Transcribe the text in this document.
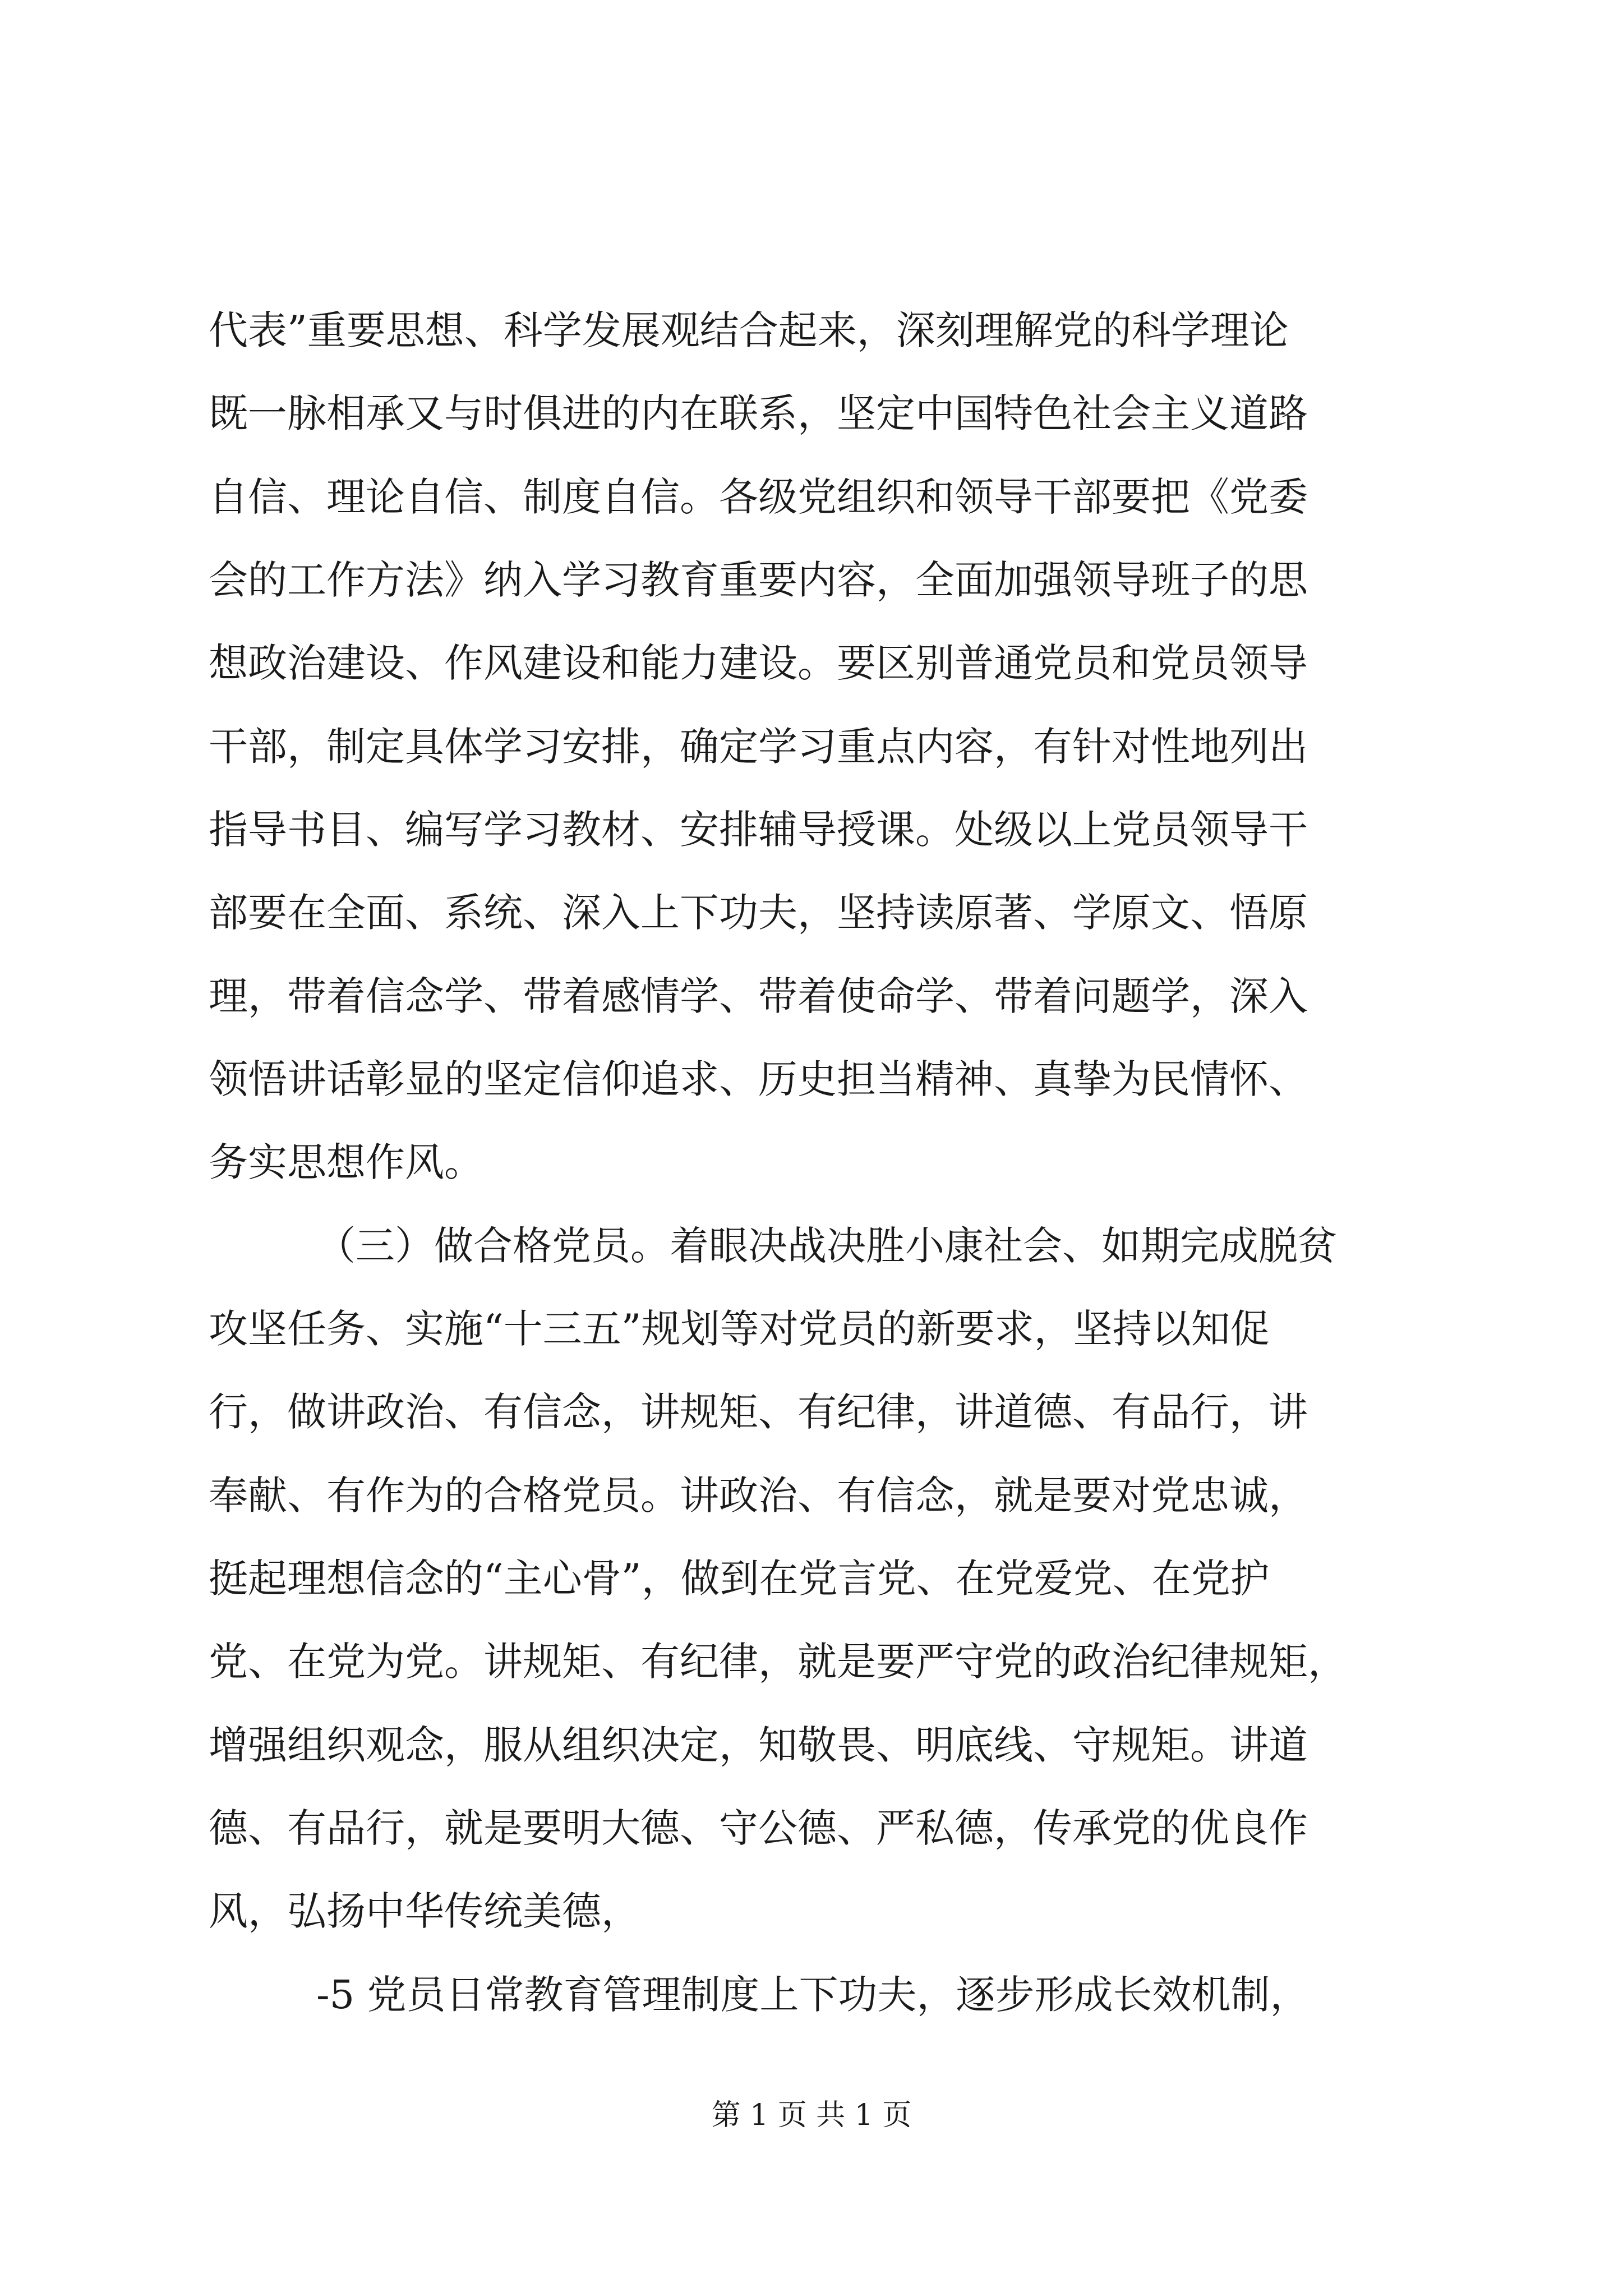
代表”重要思想、科学发展观结合起来，深刻理解党的科学理论
既一脉相承又与时俱进的内在联系，坚定中国特色社会主义道路
自信、理论自信、制度自信。各级党组织和领导干部要把《党委
会的工作方法》纳入学习教育重要内容，全面加强领导班子的思
想政治建设、作风建设和能力建设。要区别普通党员和党员领导
干部，制定具体学习安排，确定学习重点内容，有针对性地列出
指导书目、编写学习教材、安排辅导授课。处级以上党员领导干
部要在全面、系统、深入上下功夫，坚持读原著、学原文、悟原
理，带着信念学、带着感情学、带着使命学、带着问题学，深入
领悟讲话彰显的坚定信仰追求、历史担当精神、真挚为民情怀、
务实思想作风。
（三）做合格党员。着眼决战决胜小康社会、如期完成脱贫
攻坚任务、实施“十三五”规划等对党员的新要求，坚持以知促
行，做讲政治、有信念，讲规矩、有纪律，讲道德、有品行，讲
奉献、有作为的合格党员。讲政治、有信念，就是要对党忠诚，
挺起理想信念的“主心骨”，做到在党言党、在党爱党、在党护
党、在党为党。讲规矩、有纪律，就是要严守党的政治纪律规矩，
增强组织观念，服从组织决定，知敬畏、明底线、守规矩。讲道
德、有品行，就是要明大德、守公德、严私德，传承党的优良作
风，弘扬中华传统美德，
-5 党员日常教育管理制度上下功夫，逐步形成长效机制，
第 1 页 共 1 页
